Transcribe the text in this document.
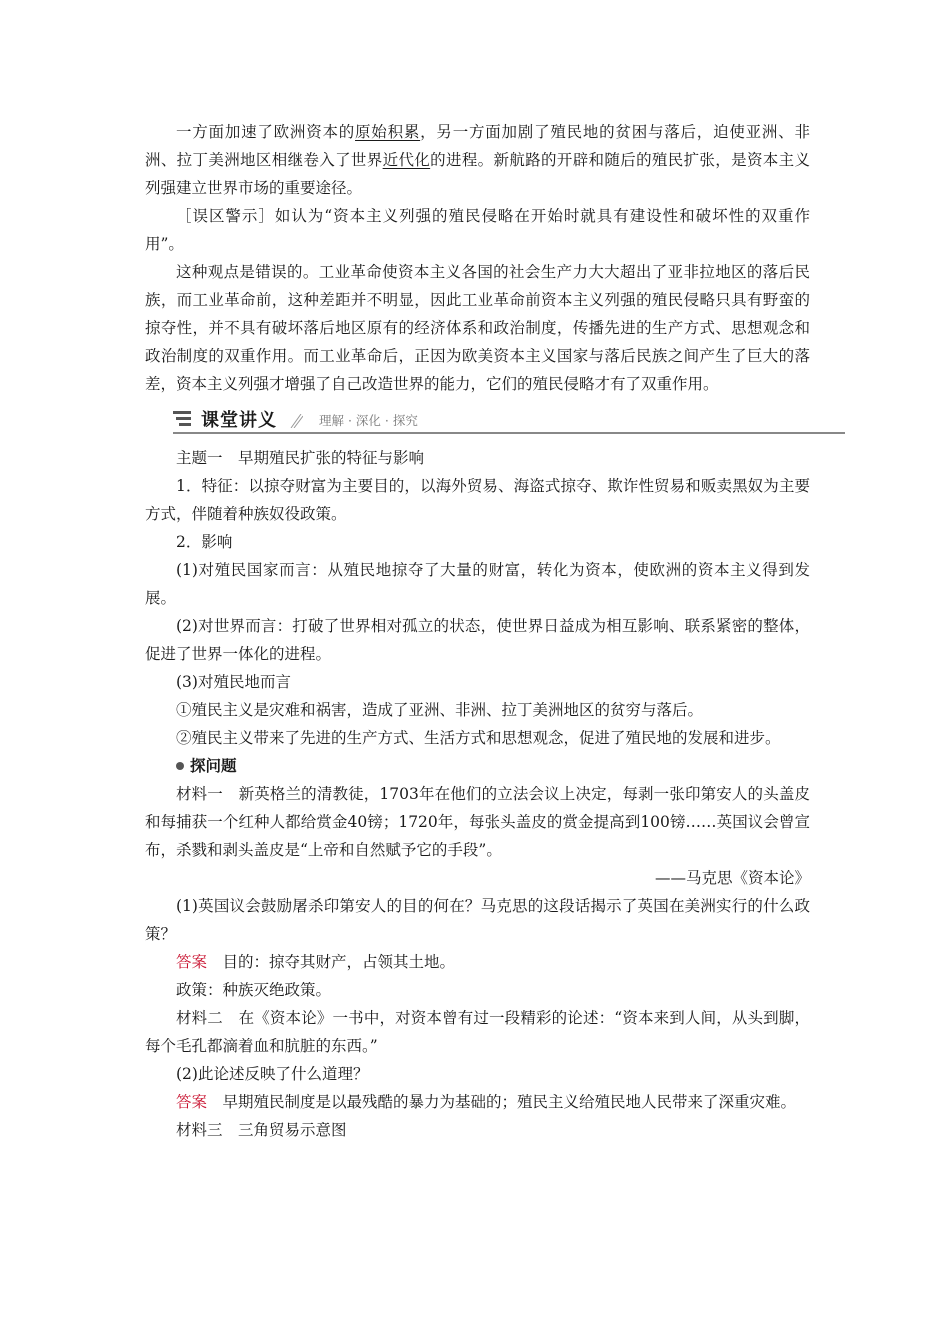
一方面加速了欧洲资本的原始积累，另一方面加剧了殖民地的贫困与落后，迫使亚洲、非洲、拉丁美洲地区相继卷入了世界近代化的进程。新航路的开辟和随后的殖民扩张，是资本主义列强建立世界市场的重要途径。

［误区警示］如认为“资本主义列强的殖民侵略在开始时就具有建设性和破坏性的双重作用”。

这种观点是错误的。工业革命使资本主义各国的社会生产力大大超出了亚非拉地区的落后民族，而工业革命前，这种差距并不明显，因此工业革命前资本主义列强的殖民侵略只具有野蛮的掠夺性，并不具有破坏落后地区原有的经济体系和政治制度，传播先进的生产方式、思想观念和政治制度的双重作用。而工业革命后，正因为欧美资本主义国家与落后民族之间产生了巨大的落差，资本主义列强才增强了自己改造世界的能力，它们的殖民侵略才有了双重作用。

课堂讲义	理解 · 深化 · 探究

主题一　早期殖民扩张的特征与影响

1．特征：以掠夺财富为主要目的，以海外贸易、海盗式掠夺、欺诈性贸易和贩卖黑奴为主要方式，伴随着种族奴役政策。

2．影响

(1)对殖民国家而言：从殖民地掠夺了大量的财富，转化为资本，使欧洲的资本主义得到发展。

(2)对世界而言：打破了世界相对孤立的状态，使世界日益成为相互影响、联系紧密的整体，促进了世界一体化的进程。

(3)对殖民地而言

①殖民主义是灾难和祸害，造成了亚洲、非洲、拉丁美洲地区的贫穷与落后。

②殖民主义带来了先进的生产方式、生活方式和思想观念，促进了殖民地的发展和进步。

探问题

材料一　新英格兰的清教徒，1703年在他们的立法会议上决定，每剥一张印第安人的头盖皮和每捕获一个红种人都给赏金40镑；1720年，每张头盖皮的赏金提高到100镑……英国议会曾宣布，杀戮和剥头盖皮是“上帝和自然赋予它的手段”。

——马克思《资本论》

(1)英国议会鼓励屠杀印第安人的目的何在？马克思的这段话揭示了英国在美洲实行的什么政策？

答案　目的：掠夺其财产，占领其土地。

政策：种族灭绝政策。

材料二　在《资本论》一书中，对资本曾有过一段精彩的论述：“资本来到人间，从头到脚，每个毛孔都滴着血和肮脏的东西。”

(2)此论述反映了什么道理？

答案　早期殖民制度是以最残酷的暴力为基础的；殖民主义给殖民地人民带来了深重灾难。

材料三　三角贸易示意图
